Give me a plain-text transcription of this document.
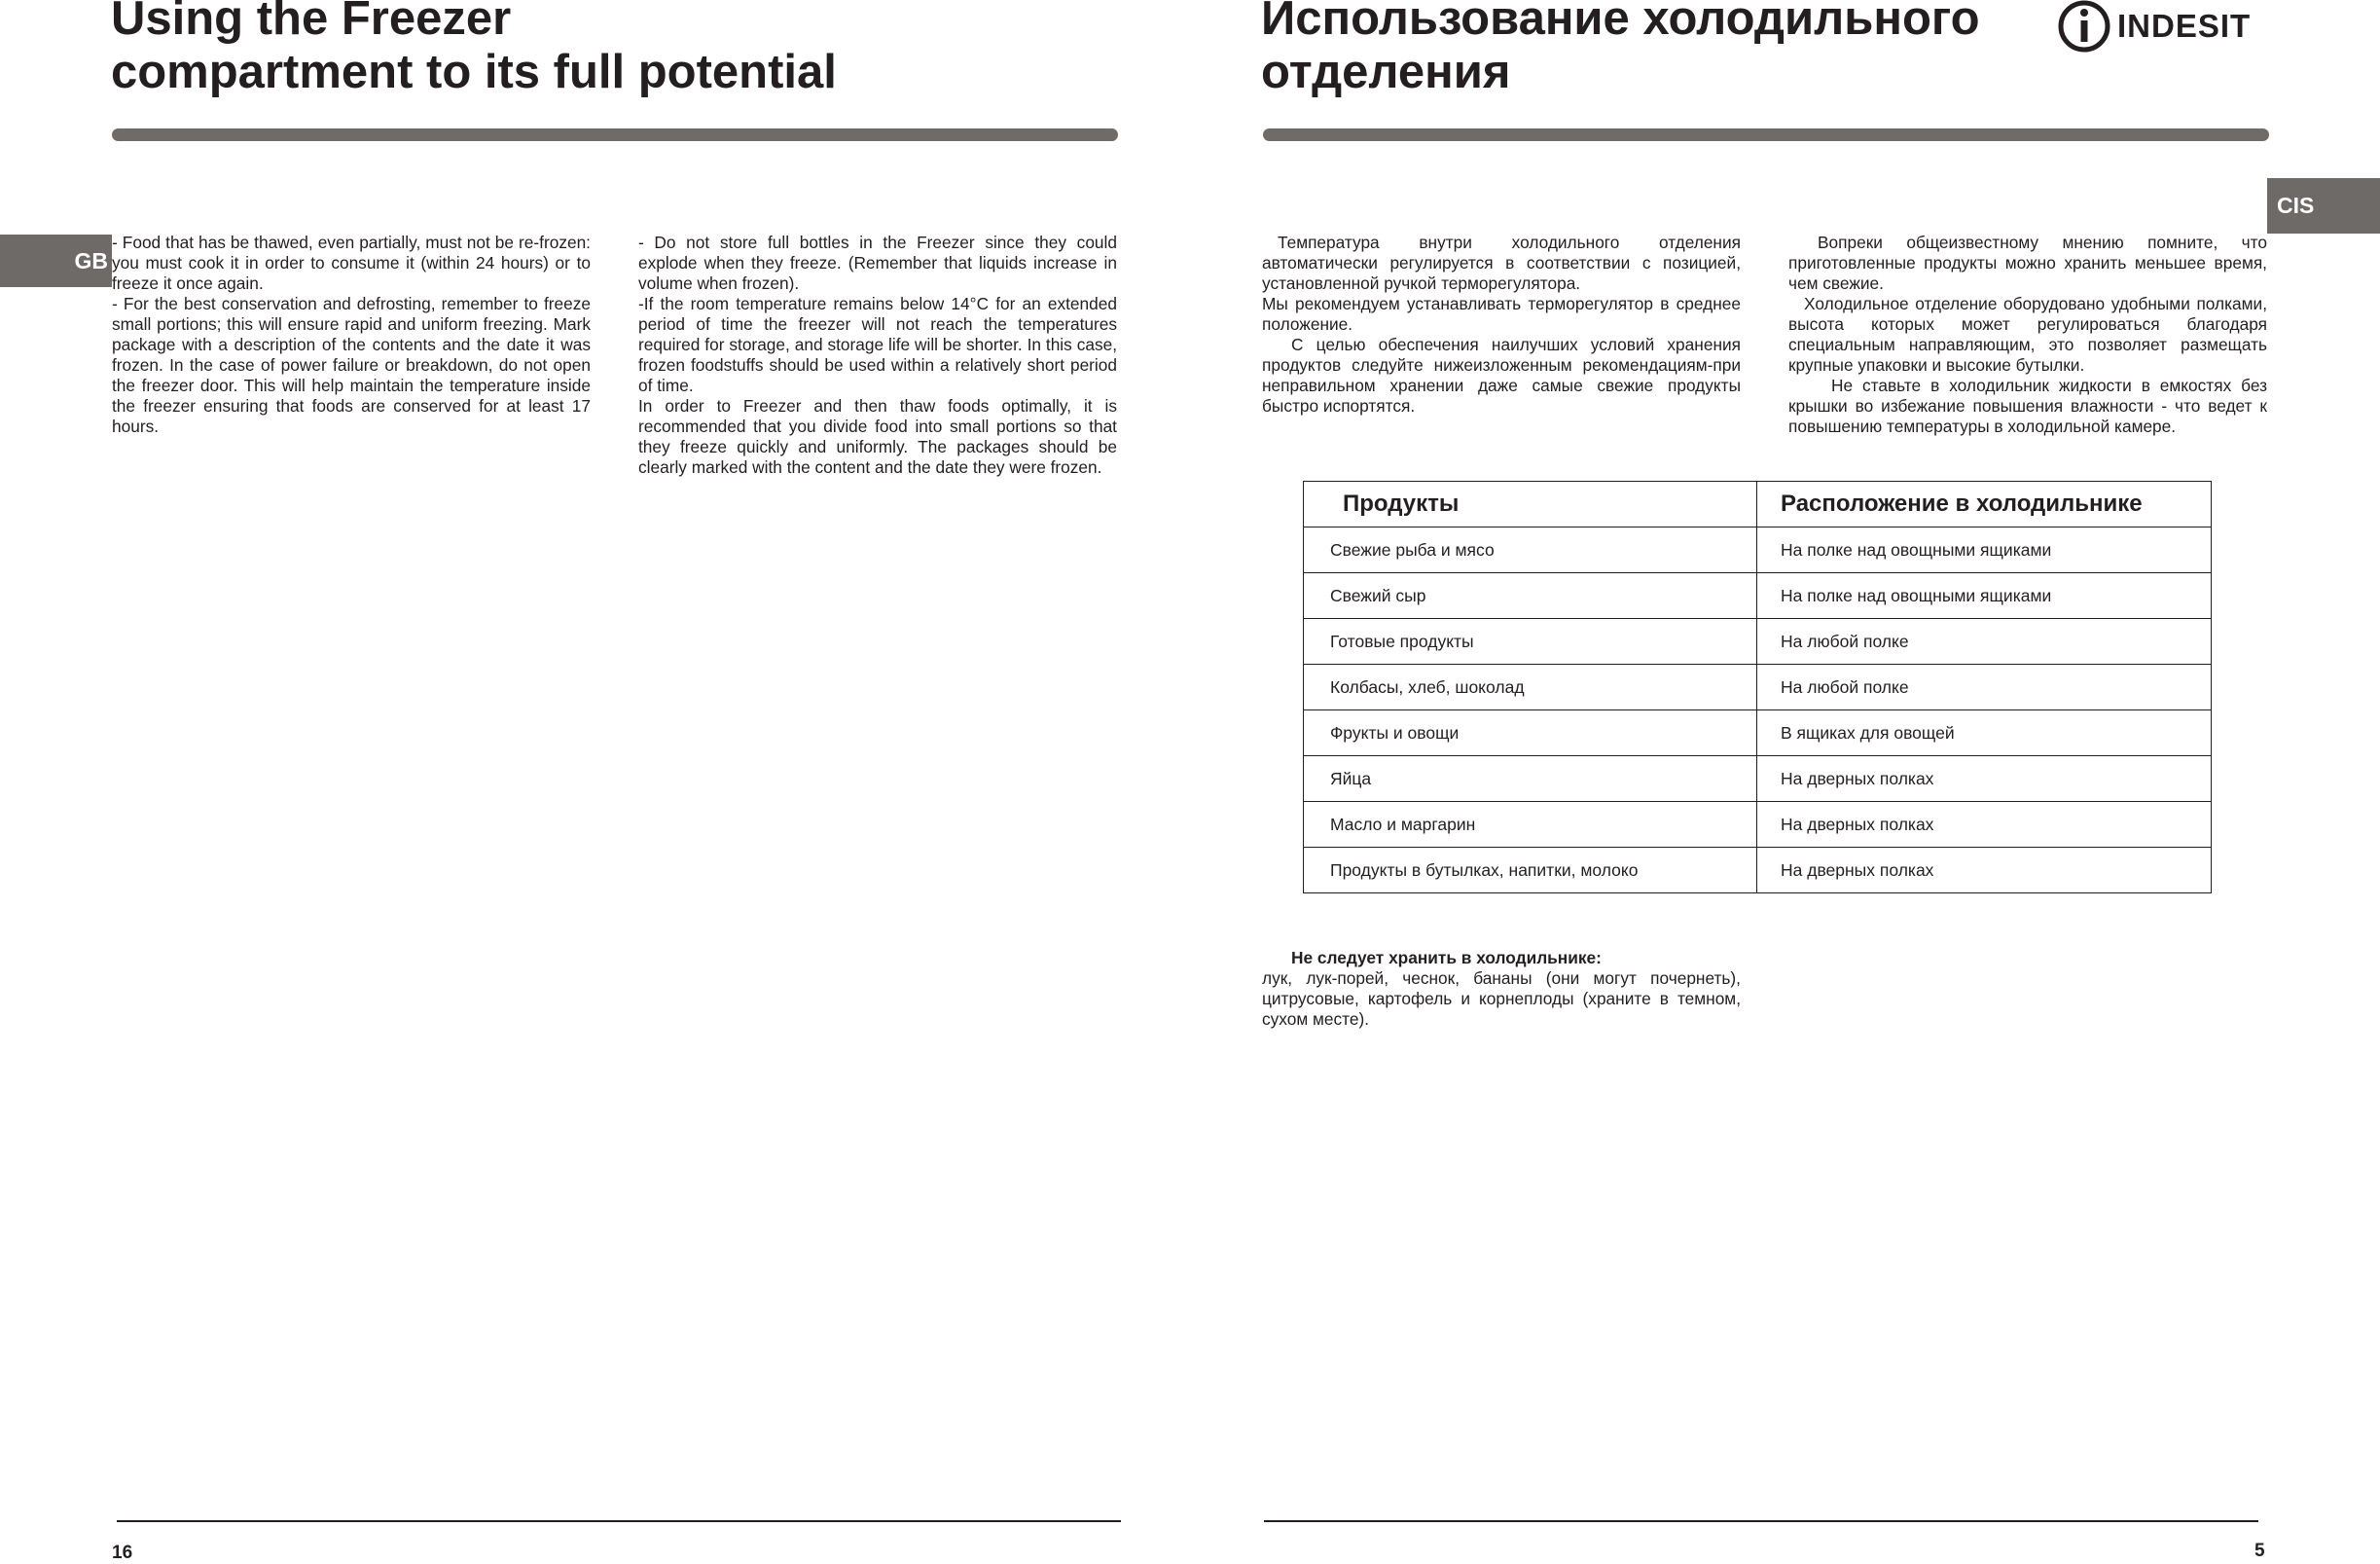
Using the Freezer
compartment to its full potential
GB

- Food that has be thawed, even partially, must not be re-frozen: you must cook it in order to consume it (within 24 hours) or to freeze it once again.

- For the best conservation and defrosting, remember to freeze small portions; this will ensure rapid and uniform freezing. Mark package with a description of the contents and the date it was frozen. In the case of power failure or breakdown, do not open the freezer door. This will help maintain the temperature inside the freezer ensuring that foods are conserved for at least 17 hours.

- Do not store full bottles in the Freezer since they could explode when they freeze. (Remember that liquids increase in volume when frozen).

-If the room temperature remains below 14°C for an extended period of time the freezer will not reach the temperatures required for storage, and storage life will be shorter. In this case, frozen foodstuffs should be used within a relatively short period of time.

In order to Freezer and then thaw foods optimally, it is recommended that you divide food into small portions so that they freeze quickly and uniformly. The packages should be clearly marked with the content and the date they were frozen.

16
Использование холодильного
отделения
INDESIT
CIS

Температура внутри холодильного отделения автоматически регулируется в соответствии с позицией, установленной ручкой терморегулятора.

Мы рекомендуем устанавливать терморегулятор в среднее положение.

С целью обеспечения наилучших условий хранения продуктов следуйте нижеизложенным рекомендациям-при неправильном хранении даже самые свежие продукты быстро испортятся.

Вопреки общеизвестному мнению помните, что приготовленные продукты можно хранить меньшее время, чем свежие.

Холодильное отделение оборудовано удобными полками, высота которых может регулироваться благодаря специальным направляющим, это позволяет размещать крупные упаковки и высокие бутылки.

Не ставьте в холодильник жидкости в емкостях без крышки во избежание повышения влажности - что ведет к повышению температуры в холодильной камере.

Продукты	Расположение в холодильнике
Свежие рыба и мясо	На полке над овощными ящиками
Свежий сыр	На полке над овощными ящиками
Готовые продукты	На любой полке
Колбасы, хлеб, шоколад	На любой полке
Фрукты и овощи	В ящиках для овощей
Яйца	На дверных полках
Масло и маргарин	На дверных полках
Продукты в бутылках, напитки, молоко	На дверных полках

Не следует хранить в холодильнике:

лук, лук-порей, чеснок, бананы (они могут почернеть), цитрусовые, картофель и корнеплоды (храните в темном, сухом месте).

5
